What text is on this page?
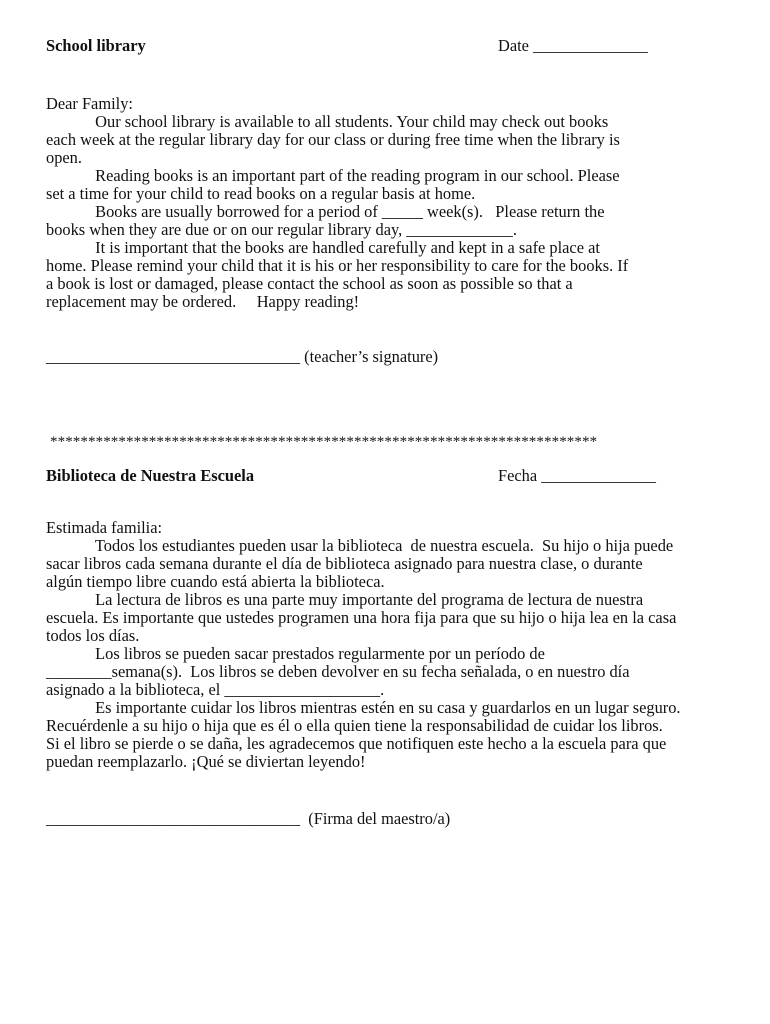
School library	Date ______________
Dear Family:
Our school library is available to all students. Your child may check out books
each week at the regular library day for our class or during free time when the library is
open.
Reading books is an important part of the reading program in our school. Please
set a time for your child to read books on a regular basis at home.
Books are usually borrowed for a period of _____ week(s).   Please return the
books when they are due or on our regular library day, _____________.
It is important that the books are handled carefully and kept in a safe place at
home. Please remind your child that it is his or her responsibility to care for the books. If
a book is lost or damaged, please contact the school as soon as possible so that a
replacement may be ordered.     Happy reading!
_______________________________ (teacher’s signature)
************************************************************************
Biblioteca de Nuestra Escuela	Fecha ______________
Estimada familia:
Todos los estudiantes pueden usar la biblioteca  de nuestra escuela.  Su hijo o hija puede
sacar libros cada semana durante el día de biblioteca asignado para nuestra clase, o durante
algún tiempo libre cuando está abierta la biblioteca.
La lectura de libros es una parte muy importante del programa de lectura de nuestra
escuela. Es importante que ustedes programen una hora fija para que su hijo o hija lea en la casa
todos los días.
Los libros se pueden sacar prestados regularmente por un período de
________semana(s).  Los libros se deben devolver en su fecha señalada, o en nuestro día
asignado a la biblioteca, el ___________________.
Es importante cuidar los libros mientras estén en su casa y guardarlos en un lugar seguro.
Recuérdenle a su hijo o hija que es él o ella quien tiene la responsabilidad de cuidar los libros.
Si el libro se pierde o se daña, les agradecemos que notifiquen este hecho a la escuela para que
puedan reemplazarlo. ¡Qué se diviertan leyendo!
_______________________________  (Firma del maestro/a)
